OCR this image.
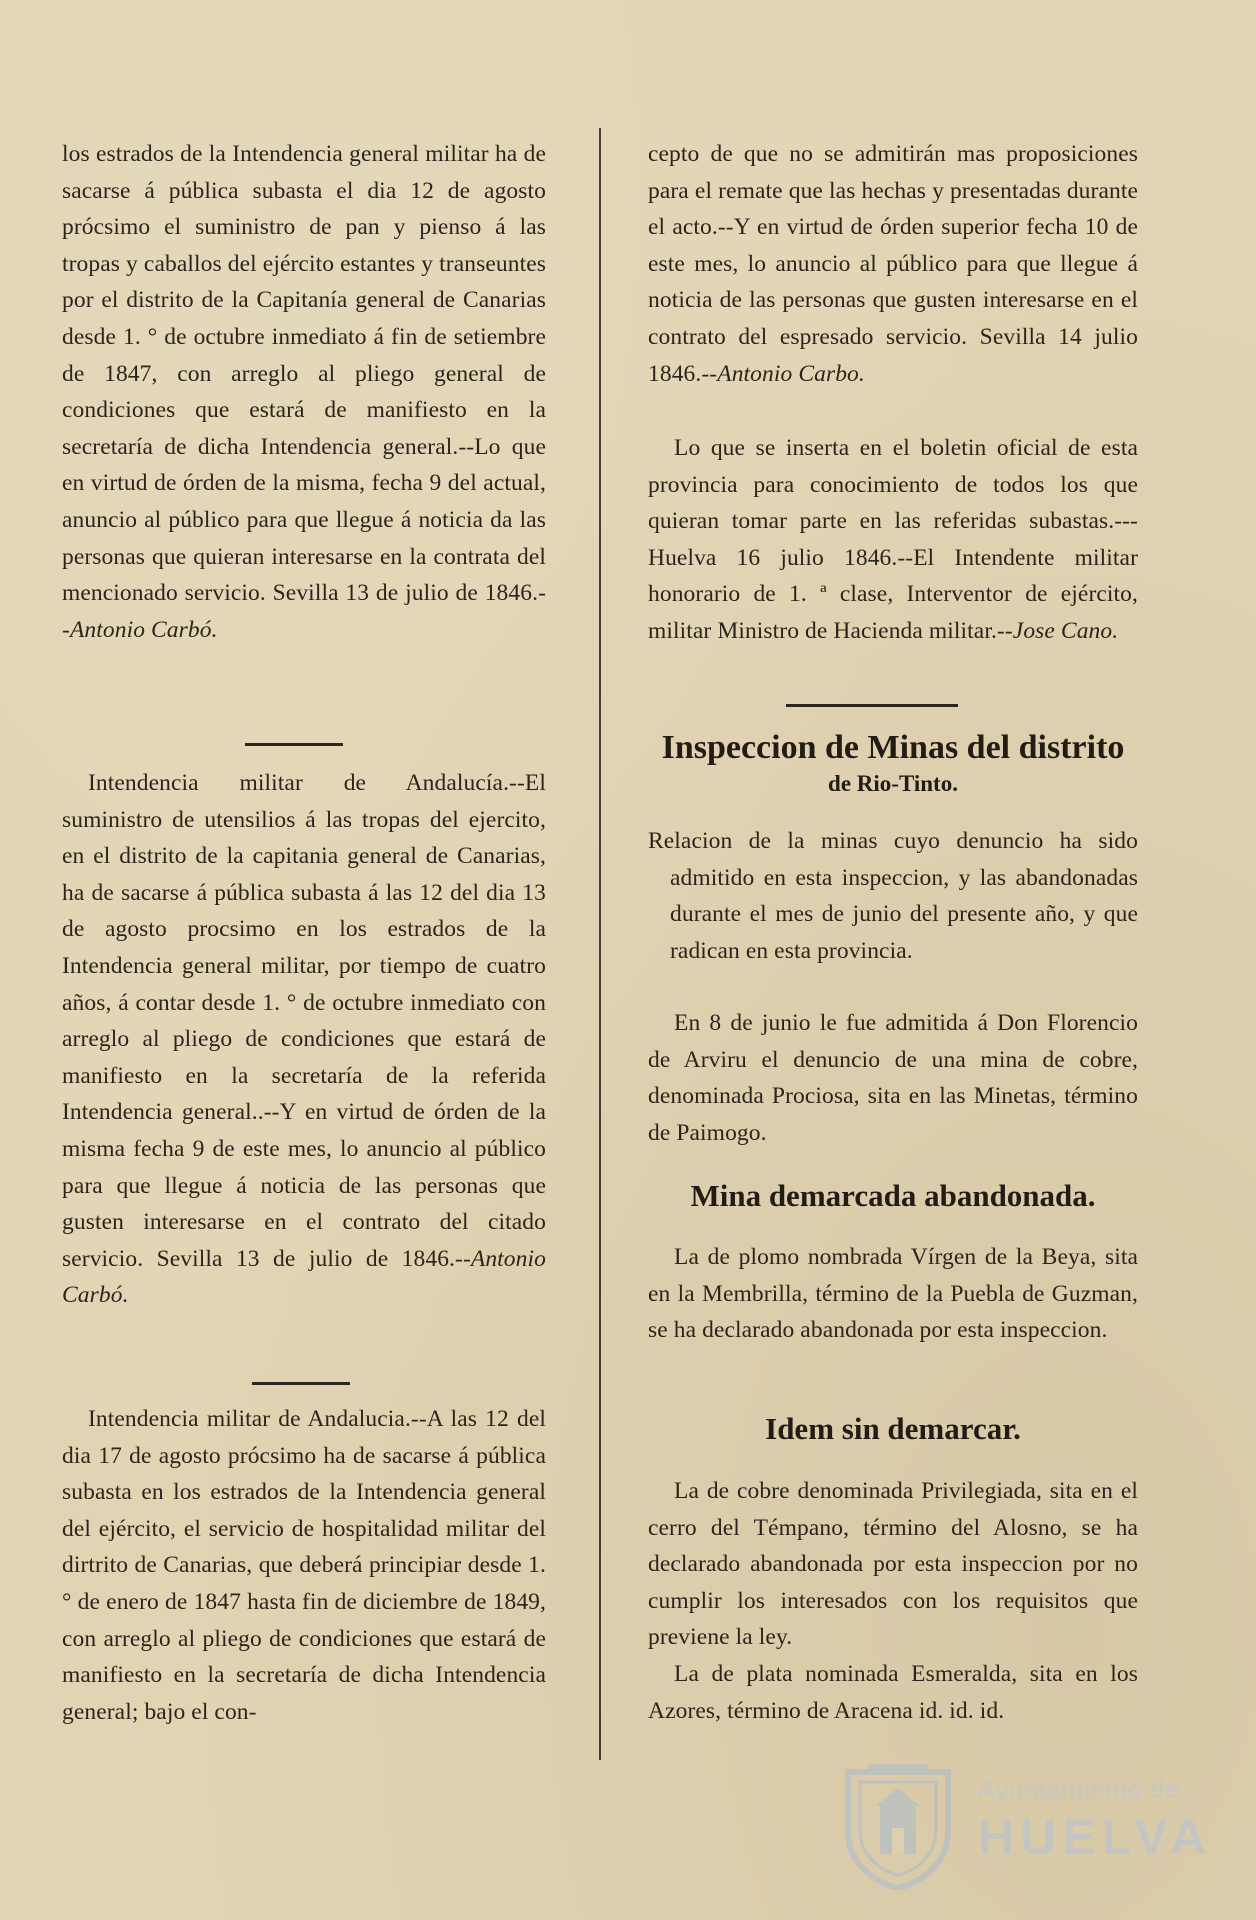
los estrados de la Intendencia general militar ha de sacarse á pública subasta el dia 12 de agosto prócsimo el suministro de pan y pienso á las tropas y caballos del ejército estantes y transeuntes por el distrito de la Capitanía general de Canarias desde 1. ° de octubre inmediato á fin de setiembre de 1847, con arreglo al pliego general de condiciones que estará de manifiesto en la secretaría de dicha Intendencia general.--Lo que en virtud de órden de la misma, fecha 9 del actual, anuncio al público para que llegue á noticia da las personas que quieran interesarse en la contrata del mencionado servicio. Sevilla 13 de julio de 1846.--Antonio Carbó.

Intendencia militar de Andalucía.--El suministro de utensilios á las tropas del ejercito, en el distrito de la capitania general de Canarias, ha de sacarse á pública subasta á las 12 del dia 13 de agosto procsimo en los estrados de la Intendencia general militar, por tiempo de cuatro años, á contar desde 1. ° de octubre inmediato con arreglo al pliego de condiciones que estará de manifiesto en la secretaría de la referida Intendencia general..--Y en virtud de órden de la misma fecha 9 de este mes, lo anuncio al público para que llegue á noticia de las personas que gusten interesarse en el contrato del citado servicio. Sevilla 13 de julio de 1846.--Antonio Carbó.

Intendencia militar de Andalucia.--A las 12 del dia 17 de agosto prócsimo ha de sacarse á pública subasta en los estrados de la Intendencia general del ejército, el servicio de hospitalidad militar del dirtrito de Canarias, que deberá principiar desde 1. ° de enero de 1847 hasta fin de diciembre de 1849, con arreglo al pliego de condiciones que estará de manifiesto en la secretaría de dicha Intendencia general; bajo el con-

cepto de que no se admitirán mas proposiciones para el remate que las hechas y presentadas durante el acto.--Y en virtud de órden superior fecha 10 de este mes, lo anuncio al público para que llegue á noticia de las personas que gusten interesarse en el contrato del espresado servicio. Sevilla 14 julio 1846.--Antonio Carbo.

Lo que se inserta en el boletin oficial de esta provincia para conocimiento de todos los que quieran tomar parte en las referidas subastas.---Huelva 16 julio 1846.--El Intendente militar honorario de 1. ª clase, Interventor de ejército, militar Ministro de Hacienda militar.--Jose Cano.

Inspeccion de Minas del distrito
de Rio-Tinto.

Relacion de la minas cuyo denuncio ha sido admitido en esta inspeccion, y las abandonadas durante el mes de junio del presente año, y que radican en esta provincia.

En 8 de junio le fue admitida á Don Florencio de Arviru el denuncio de una mina de cobre, denominada Prociosa, sita en las Minetas, término de Paimogo.

Mina demarcada abandonada.

La de plomo nombrada Vírgen de la Beya, sita en la Membrilla, término de la Puebla de Guzman, se ha declarado abandonada por esta inspeccion.

Idem sin demarcar.

La de cobre denominada Privilegiada, sita en el cerro del Témpano, término del Alosno, se ha declarado abandonada por esta inspeccion por no cumplir los interesados con los requisitos que previene la ley.

La de plata nominada Esmeralda, sita en los Azores, término de Aracena id. id. id.

Ayuntamiento de
HUELVA
